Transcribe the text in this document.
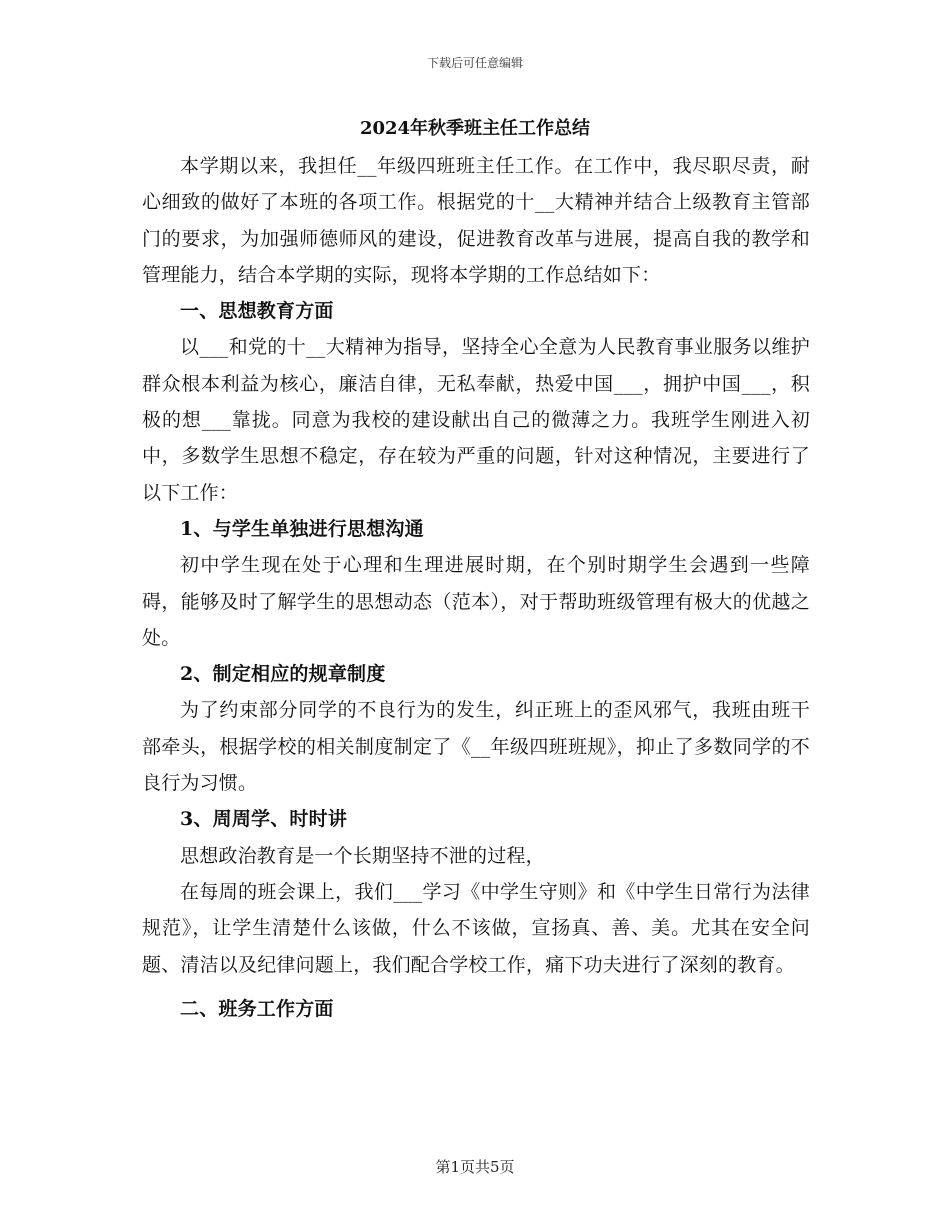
下载后可任意编辑
2024年秋季班主任工作总结

本学期以来，我担任__年级四班班主任工作。在工作中，我尽职尽责，耐心细致的做好了本班的各项工作。根据党的十__大精神并结合上级教育主管部门的要求，为加强师德师风的建设，促进教育改革与进展，提高自我的教学和管理能力，结合本学期的实际，现将本学期的工作总结如下：

一、思想教育方面

以___和党的十__大精神为指导，坚持全心全意为人民教育事业服务以维护群众根本利益为核心，廉洁自律，无私奉献，热爱中国___，拥护中国___，积极的想___靠拢。同意为我校的建设献出自己的微薄之力。我班学生刚进入初中，多数学生思想不稳定，存在较为严重的问题，针对这种情况，主要进行了以下工作：

1、与学生单独进行思想沟通

初中学生现在处于心理和生理进展时期，在个别时期学生会遇到一些障碍，能够及时了解学生的思想动态（范本），对于帮助班级管理有极大的优越之处。

2、制定相应的规章制度

为了约束部分同学的不良行为的发生，纠正班上的歪风邪气，我班由班干部牵头，根据学校的相关制度制定了《__年级四班班规》，抑止了多数同学的不良行为习惯。

3、周周学、时时讲

思想政治教育是一个长期坚持不泄的过程，

在每周的班会课上，我们___学习《中学生守则》和《中学生日常行为法律规范》，让学生清楚什么该做，什么不该做，宣扬真、善、美。尤其在安全问题、清洁以及纪律问题上，我们配合学校工作，痛下功夫进行了深刻的教育。

二、班务工作方面

第1页共5页
